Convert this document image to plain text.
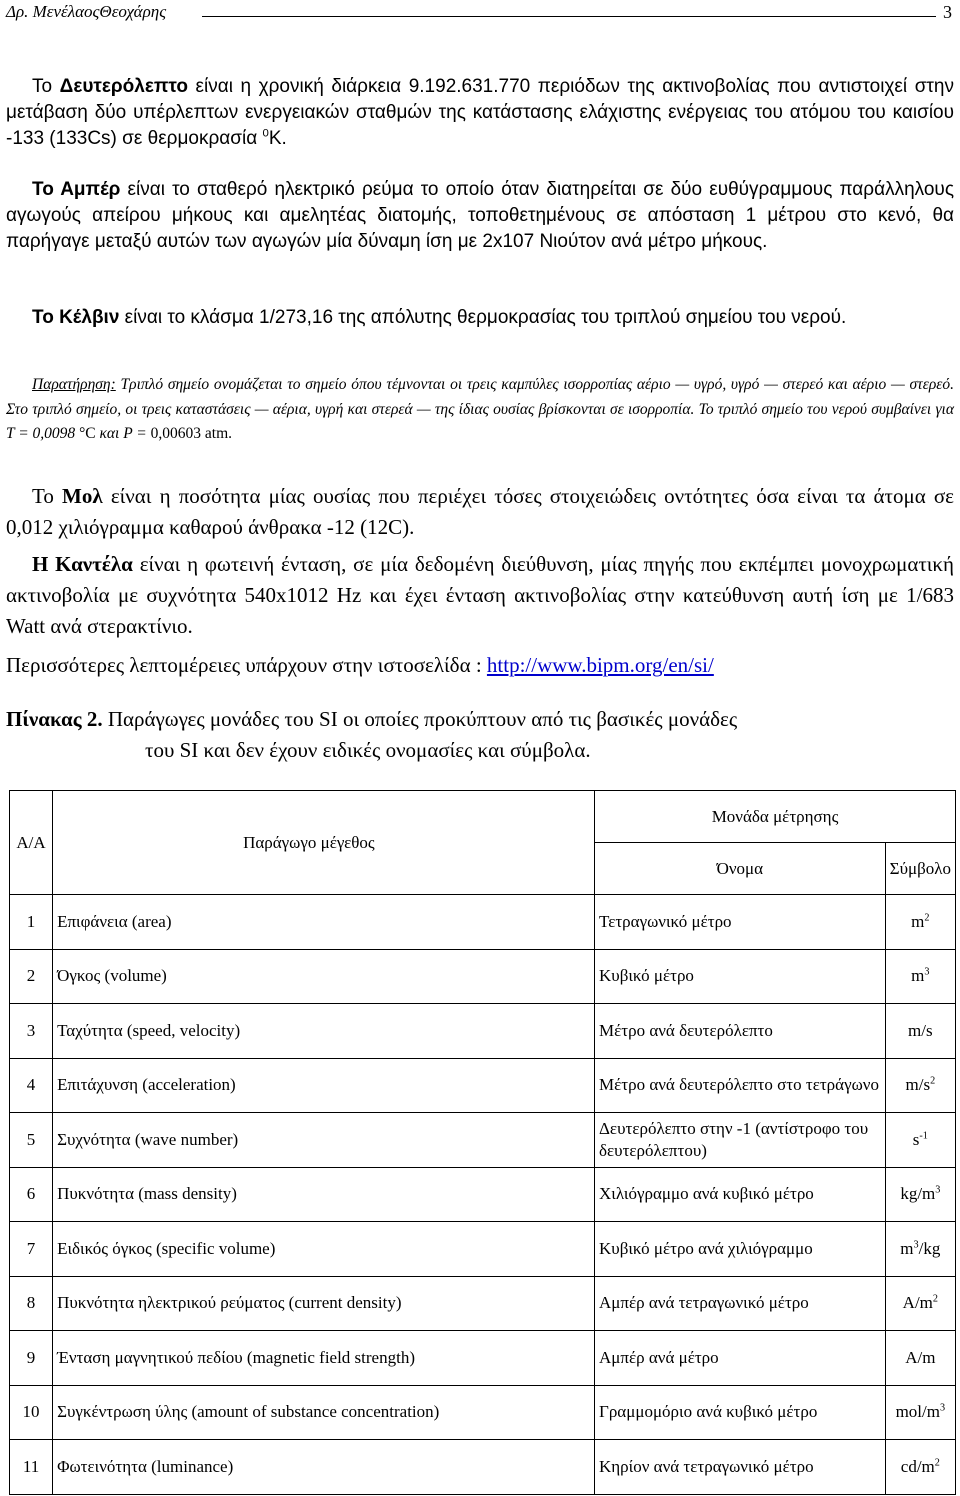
Δρ. ΜενέλαοςΘεοχάρης	3
Το Δευτερόλεπτο είναι η χρονική διάρκεια 9.192.631.770 περιόδων της ακτινοβολίας που αντιστοιχεί στην μετάβαση δύο υπέρλεπτων ενεργειακών σταθμών της κατάστασης ελάχιστης ενέργειας του ατόμου του καισίου -133 (133Cs) σε θερμοκρασία $^0$Κ.
Το Αμπέρ είναι το σταθερό ηλεκτρικό ρεύμα το οποίο όταν διατηρείται σε δύο ευθύγραμμους παράλληλους αγωγούς απείρου μήκους και αμελητέας διατομής, τοποθετημένους σε απόσταση 1 μέτρου στο κενό, θα παρήγαγε μεταξύ αυτών των αγωγών μία δύναμη ίση με 2x107 Νιούτον ανά μέτρο μήκους.
Το Κέλβιν είναι το κλάσμα 1/273,16 της απόλυτης θερμοκρασίας του τριπλού σημείου του νερού.
Παρατήρηση: Τριπλό σημείο ονομάζεται το σημείο όπου τέμνονται οι τρεις καμπύλες ισορροπίας αέριο — υγρό, υγρό — στερεό και αέριο — στερεό. Στο τριπλό σημείο, οι τρεις καταστάσεις — αέρια, υγρή και στερεά — της ίδιας ουσίας βρίσκονται σε ισορροπία. Το τριπλό σημείο του νερού συμβαίνει για Τ = 0,0098 °C και P = 0,00603 atm.
Το Μολ είναι η ποσότητα μίας ουσίας που περιέχει τόσες στοιχειώδεις οντότητες όσα είναι τα άτομα σε 0,012 χιλιόγραμμα καθαρού άνθρακα -12 (12C).
Η Καντέλα είναι η φωτεινή ένταση, σε μία δεδομένη διεύθυνση, μίας πηγής που εκπέμπει μονοχρωματική ακτινοβολία με συχνότητα 540x1012 Hz και έχει ένταση ακτινοβολίας στην κατεύθυνση αυτή ίση με 1/683 Watt ανά στερακτίνιο.
Περισσότερες λεπτομέρειες υπάρχουν στην ιστοσελίδα : http://www.bipm.org/en/si/
Πίνακας 2. Παράγωγες μονάδες του SI οι οποίες προκύπτουν από τις βασικές μονάδες
του SI και δεν έχουν ειδικές ονομασίες και σύμβολα.
Α/Α	Παράγωγο μέγεθος	Μονάδα μέτρησης	
		Όνομα	Σύμβολο
1	Επιφάνεια (area)	Τετραγωνικό μέτρο	$m^2$
2	Όγκος (volume)	Κυβικό μέτρο	$m^3$
3	Ταχύτητα (speed, velocity)	Μέτρο ανά δευτερόλεπτο	m/s
4	Επιτάχυνση (acceleration)	Μέτρο ανά δευτερόλεπτο στο τετράγωνο	$m/s^2$
5	Συχνότητα (wave number)	Δευτερόλεπτο στην -1 (αντίστροφο του δευτερόλεπτου)	$s^{-1}$
6	Πυκνότητα (mass density)	Χιλιόγραμμο ανά κυβικό μέτρο	$kg/m^3$
7	Ειδικός όγκος (specific volume)	Κυβικό μέτρο ανά χιλιόγραμμο	$m^3/kg$
8	Πυκνότητα ηλεκτρικού ρεύματος (current density)	Αμπέρ ανά τετραγωνικό μέτρο	$A/m^2$
9	Ένταση μαγνητικού πεδίου (magnetic field strength)	Αμπέρ ανά μέτρο	A/m
10	Συγκέντρωση ύλης (amount of substance concentration)	Γραμμομόριο ανά κυβικό μέτρο	mol/$m^3$
11	Φωτεινότητα (luminance)	Κηρίον ανά τετραγωνικό μέτρο	$cd/m^2$
